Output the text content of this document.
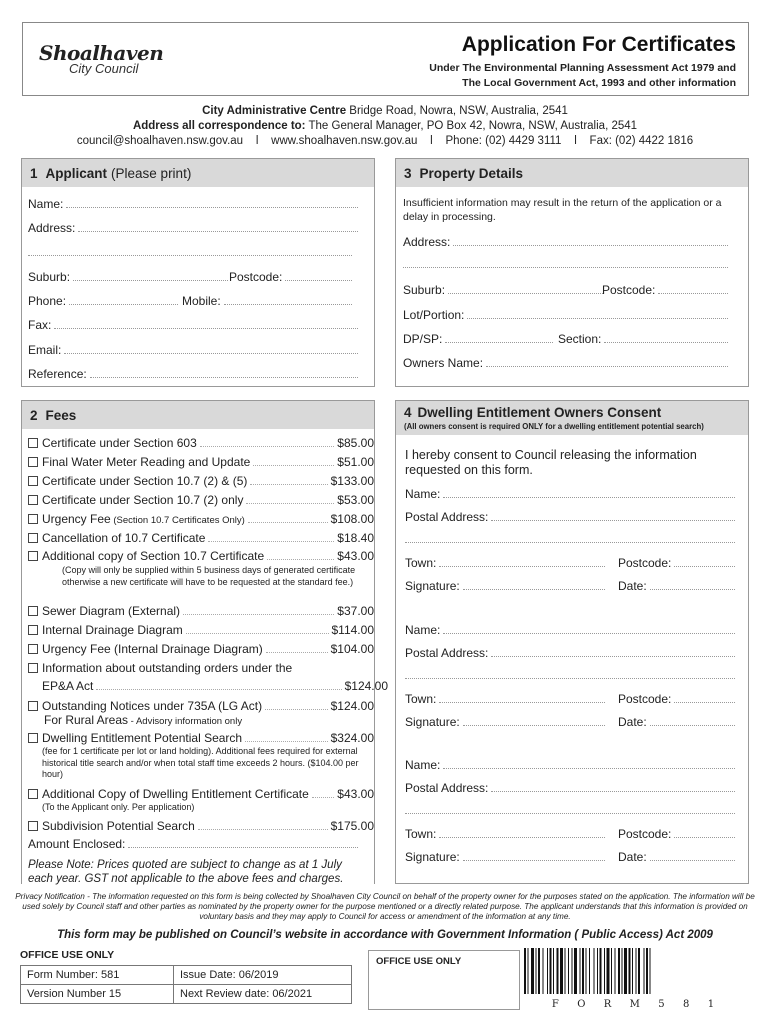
Shoalhaven
City Council
Application For Certificates
Under The Environmental Planning Assessment Act 1979 and
The Local Government Act, 1993 and other information
City Administrative Centre Bridge Road, Nowra, NSW, Australia, 2541
Address all correspondence to: The General Manager, PO Box 42, Nowra, NSW, Australia, 2541
council@shoalhaven.nsw.gov.au    l    www.shoalhaven.nsw.gov.au    l    Phone: (02) 4429 3111    l    Fax: (02) 4422 1816
1 Applicant (Please print)
Name:
Address:
Suburb:	Postcode:
Phone:	Mobile:
Fax:
Email:
Reference:
3 Property Details
Insufficient information may result in the return of the application or a delay in processing.
Address:
Suburb:	Postcode:
Lot/Portion:
DP/SP:	Section:
Owners Name:
2 Fees
Certificate under Section 603	$85.00
Final Water Meter Reading and Update	$51.00
Certificate under Section 10.7 (2) & (5)	$133.00
Certificate under Section 10.7 (2) only	$53.00
Urgency Fee (Section 10.7 Certificates Only)	$108.00
Cancellation of 10.7 Certificate	$18.40
Additional copy of Section 10.7 Certificate	$43.00
Sewer Diagram (External)	$37.00
Internal Drainage Diagram	$114.00
Urgency Fee (Internal Drainage Diagram)	$104.00
Information about outstanding orders under the
EP&A Act	$124.00
Outstanding Notices under 735A (LG Act)	$124.00
For Rural Areas - Advisory information only
Dwelling Entitlement Potential Search	$324.00
Additional Copy of Dwelling Entitlement Certificate $43.00
Subdivision Potential Search	$175.00
(Copy will only be supplied within 5 business days of generated certificate otherwise a new certificate will have to be requested at the standard fee.)
(fee for 1 certificate per lot or land holding). Additional fees required for external historical title search and/or when total staff time exceeds 2 hours. ($104.00 per hour)
(To the Applicant only. Per application)
Amount Enclosed:
Please Note: Prices quoted are subject to change as at 1 July each year. GST not applicable to the above fees and charges.
4 Dwelling Entitlement Owners Consent
(All owners consent is required ONLY for a dwelling entitlement potential search)
I hereby consent to Council releasing the information requested on this form.
Name:
Postal Address:
Town:	Postcode:
Signature:	Date:
Name:
Postal Address:
Town:	Postcode:
Signature:	Date:
Name:
Postal Address:
Town:	Postcode:
Signature:	Date:
Privacy Notification - The information requested on this form is being collected by Shoalhaven City Council on behalf of the property owner for the purposes stated on the application. The information will be used solely by Council staff and other parties as nominated by the property owner for the purpose mentioned or a directly related purpose. The applicant understands that this information is provided on voluntary basis and they may apply to Council for access or amendment of the information at any time.
This form may be published on Council’s website in accordance with Government Information ( Public Access) Act 2009
OFFICE USE ONLY
Form Number: 581	Issue Date: 06/2019
Version Number 15	Next Review date: 06/2021
OFFICE USE ONLY
F  O  R  M  5  8  1
